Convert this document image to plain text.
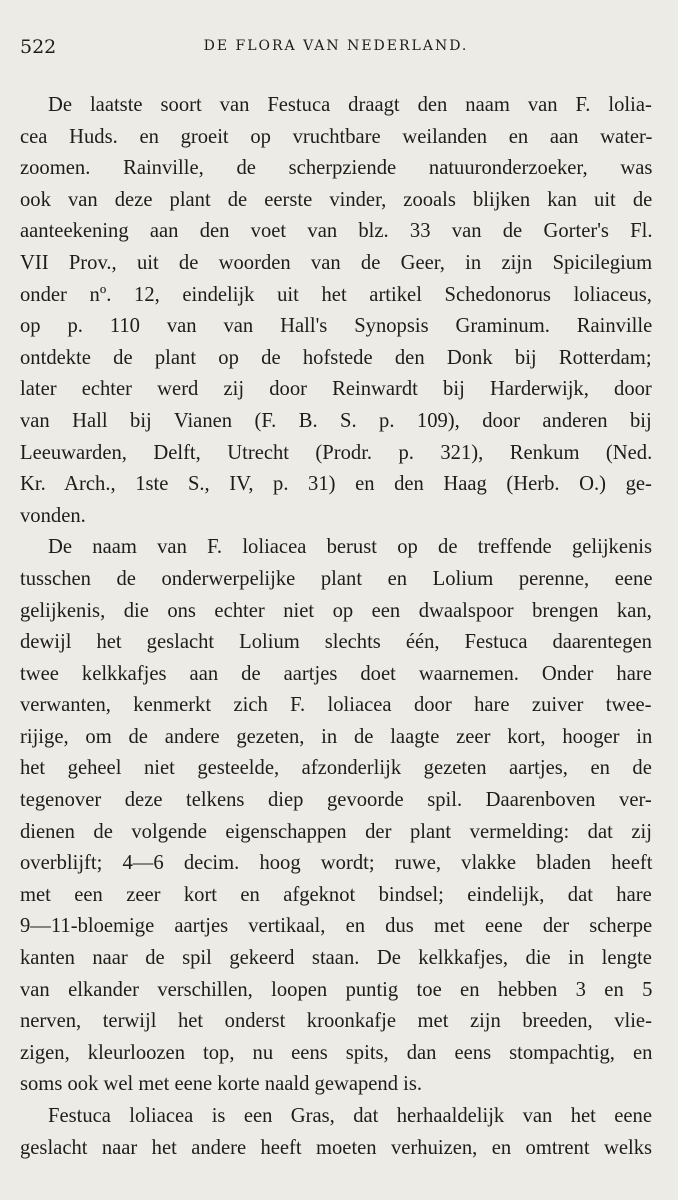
522	DE FLORA VAN NEDERLAND.
De laatste soort van Festuca draagt den naam van F. lolia-
cea Huds. en groeit op vruchtbare weilanden en aan water-
zoomen. Rainville, de scherpziende natuuronderzoeker, was
ook van deze plant de eerste vinder, zooals blijken kan uit de
aanteekening aan den voet van blz. 33 van de Gorter's Fl.
VII Prov., uit de woorden van de Geer, in zijn Spicilegium
onder nº. 12, eindelijk uit het artikel Schedonorus loliaceus,
op p. 110 van van Hall's Synopsis Graminum. Rainville
ontdekte de plant op de hofstede den Donk bij Rotterdam;
later echter werd zij door Reinwardt bij Harderwijk, door
van Hall bij Vianen (F. B. S. p. 109), door anderen bij
Leeuwarden, Delft, Utrecht (Prodr. p. 321), Renkum (Ned.
Kr. Arch., 1ste S., IV, p. 31) en den Haag (Herb. O.) ge-
vonden.
De naam van F. loliacea berust op de treffende gelijkenis
tusschen de onderwerpelijke plant en Lolium perenne, eene
gelijkenis, die ons echter niet op een dwaalspoor brengen kan,
dewijl het geslacht Lolium slechts één, Festuca daarentegen
twee kelkkafjes aan de aartjes doet waarnemen. Onder hare
verwanten, kenmerkt zich F. loliacea door hare zuiver twee-
rijige, om de andere gezeten, in de laagte zeer kort, hooger in
het geheel niet gesteelde, afzonderlijk gezeten aartjes, en de
tegenover deze telkens diep gevoorde spil. Daarenboven ver-
dienen de volgende eigenschappen der plant vermelding: dat zij
overblijft; 4—6 decim. hoog wordt; ruwe, vlakke bladen heeft
met een zeer kort en afgeknot bindsel; eindelijk, dat hare
9—11-bloemige aartjes vertikaal, en dus met eene der scherpe
kanten naar de spil gekeerd staan. De kelkkafjes, die in lengte
van elkander verschillen, loopen puntig toe en hebben 3 en 5
nerven, terwijl het onderst kroonkafje met zijn breeden, vlie-
zigen, kleurloozen top, nu eens spits, dan eens stompachtig, en
soms ook wel met eene korte naald gewapend is.
Festuca loliacea is een Gras, dat herhaaldelijk van het eene
geslacht naar het andere heeft moeten verhuizen, en omtrent welks
